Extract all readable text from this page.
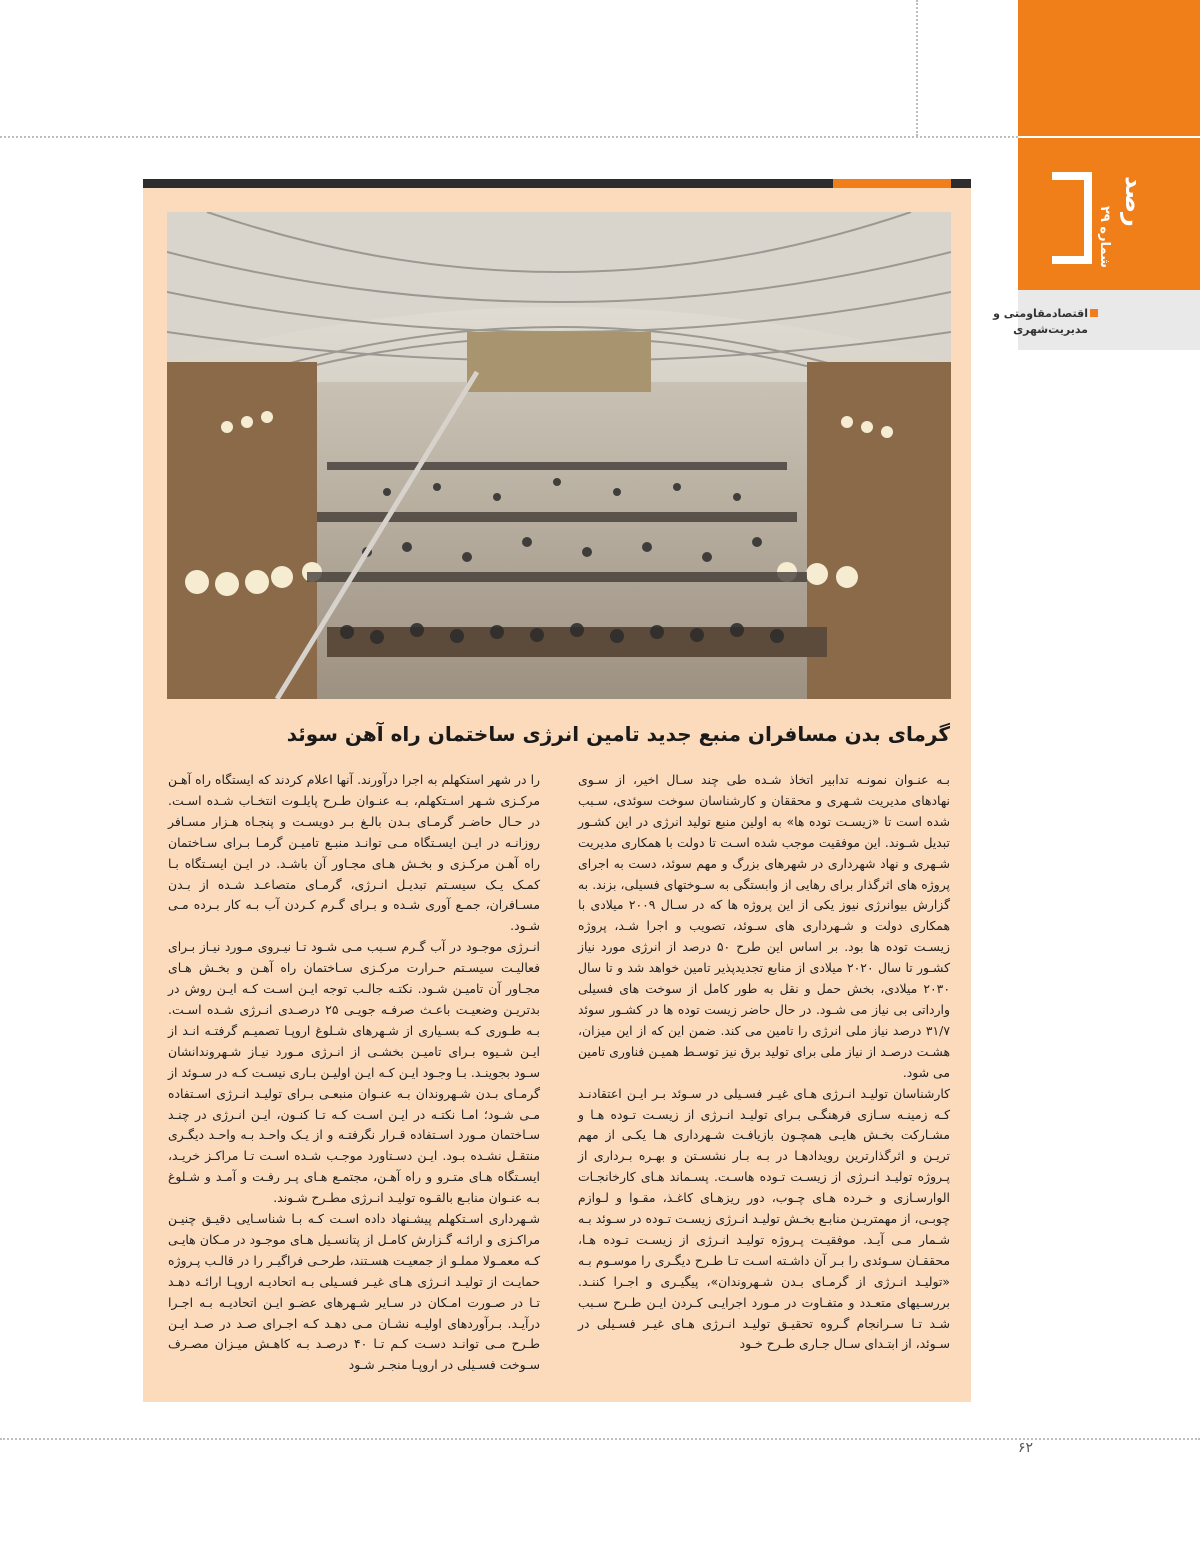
رصد
شماره ۲۹
اقتصادمقاومتی و مدیریت‌شهری
گرمای بدن مسافران منبع جدید تامین انرژی ساختمان راه آهن سوئد

بـه عنـوان نمونـه تدابیر اتخاذ شـده طی چند سـال اخیر، از سـوی نهادهای مدیریت شـهری و محققان و کارشناسان سوخت سوئدی، سـبب شده است تا «زیسـت توده ها» به اولین منبع تولید انرژی در این کشـور تبدیل شـوند. این موفقیت موجب شده اسـت تا دولت با همکاری مدیریت شـهری و نهاد شهرداری در شهرهای بزرگ و مهم سوئد، دست به اجرای پروژه های اثرگذار برای رهایی از وابستگی به سـوختهای فسیلی، بزند. به گزارش بیوانرژی نیوز یکی از این پروژه ها که در سـال ۲۰۰۹ میلادی با همکاری دولت و شـهرداری های سـوئد، تصویب و اجرا شـد، پروژه زیسـت توده ها بود. بر اساس این طرح ۵۰ درصد از انرژی مورد نیاز کشـور تا سال ۲۰۲۰ میلادی از منابع تجدیدپذیر تامین خواهد شد و تا سال ۲۰۳۰ میلادی، بخش حمل و نقل به طور کامل از سوخت های فسیلی وارداتی بی نیاز می شـود. در حال حاضر زیست توده ها در کشـور سوئد ۳۱/۷ درصد نیاز ملی انرژی را تامین می کند. ضمن این که از این میزان، هشـت درصـد از نیاز ملی برای تولید برق نیز توسـط همیـن فناوری تامین می شود.

کارشناسان تولیـد انـرژی هـای غیـر فسـیلی در سـوئد بـر ایـن اعتقادنـد کـه زمینـه سـازی فرهنگـی بـرای تولیـد انـرژی از زیسـت تـوده هـا و مشـارکت بخـش هایـی همچـون بازیافـت شـهرداری هـا یکـی از مهم تریـن و اثرگذارترین رویدادهـا در بـه بـار نشسـتن و بهـره بـرداری از پـروژه تولیـد انـرژی از زیسـت تـوده هاسـت. پسـماند هـای کارخانجـات الوارسـازی و خـرده هـای چـوب، دور ریزهـای کاغـذ، مقـوا و لـوازم چوبـی، از مهمتریـن منابـع بخـش تولیـد انـرژی زیسـت تـوده در سـوئد بـه شـمار مـی آیـد. موفقیـت پـروژه تولیـد انـرژی از زیسـت تـوده هـا، محققـان سـوئدی را بـر آن داشـته اسـت تـا طـرح دیگـری را موسـوم بـه «تولیـد انـرژی از گرمـای بـدن شـهروندان»، پیگیـری و اجـرا کننـد. بررسـیهای متعـدد و متفـاوت در مـورد اجرایـی کـردن ایـن طـرح سـبب شـد تـا سـرانجام گـروه تحقیـق تولیـد انـرژی هـای غیـر فسـیلی در سـوئد، از ابتـدای سـال جـاری طـرح خـود

را در شهر استکهلم به اجرا درآورند. آنها اعلام کردند که ایستگاه راه آهـن مرکـزی شـهر اسـتکهلم، بـه عنـوان طـرح پایلـوت انتخـاب شـده اسـت. در حـال حاضـر گرمـای بـدن بالـغ بـر دویسـت و پنجـاه هـزار مسـافر روزانـه در ایـن ایسـتگاه مـی توانـد منبـع تامیـن گرمـا بـرای سـاختمان راه آهـن مرکـزی و بخـش هـای مجـاور آن باشـد. در ایـن ایسـتگاه بـا کمـک یـک سیسـتم تبدیـل انـرژی، گرمـای متصاعـد شـده از بـدن مسـافران، جمـع آوری شـده و بـرای گـرم کـردن آب بـه کار بـرده مـی شـود.

انـرژی موجـود در آب گـرم سـبب مـی شـود تـا نیـروی مـورد نیـاز بـرای فعالیـت سیسـتم حـرارت مرکـزی سـاختمان راه آهـن و بخـش هـای مجـاور آن تامیـن شـود. نکتـه جالـب توجه ایـن اسـت کـه ایـن روش در بدتریـن وضعیـت باعـث صرفـه جویـی ۲۵ درصـدی انـرژی شـده اسـت. بـه طـوری کـه بسـیاری از شـهرهای شـلوغ اروپـا تصمیـم گرفتـه انـد از ایـن شـیوه بـرای تامیـن بخشـی از انـرژی مـورد نیـاز شـهروندانشان سـود بجوینـد. بـا وجـود ایـن کـه ایـن اولیـن بـاری نیسـت کـه در سـوئد از گرمـای بـدن شـهروندان بـه عنـوان منبعـی بـرای تولیـد انـرژی اسـتفاده مـی شـود؛ امـا نکتـه در ایـن اسـت کـه تـا کنـون، ایـن انـرژی در چنـد سـاختمان مـورد اسـتفاده قـرار نگرفتـه و از یـک واحـد بـه واحـد دیگـری منتقـل نشـده بـود. ایـن دسـتاورد موجـب شـده اسـت تـا مراکـز خریـد، ایسـتگاه هـای متـرو و راه آهـن، مجتمـع هـای پـر رفـت و آمـد و شـلوغ بـه عنـوان منابـع بالقـوه تولیـد انـرژی مطـرح شـوند.

شـهرداری اسـتکهلم پیشـنهاد داده اسـت کـه بـا شناسـایی دقیـق چنیـن مراکـزی و ارائـه گـزارش کامـل از پتانسـیل هـای موجـود در مـکان هایـی کـه معمـولا مملـو از جمعیـت هسـتند، طرحـی فراگیـر را در قالـب پـروژه حمایـت از تولیـد انـرژی هـای غیـر فسـیلی بـه اتحادیـه اروپـا ارائـه دهـد تـا در صـورت امـکان در سـایر شـهرهای عضـو ایـن اتحادیـه بـه اجـرا درآیـد. بـرآوردهای اولیـه نشـان مـی دهـد کـه اجـرای صـد در صـد ایـن طـرح مـی توانـد دسـت کـم تـا ۴۰ درصـد بـه کاهـش میـزان مصـرف سـوخت فسـیلی در اروپـا منجـر شـود

۶۲
